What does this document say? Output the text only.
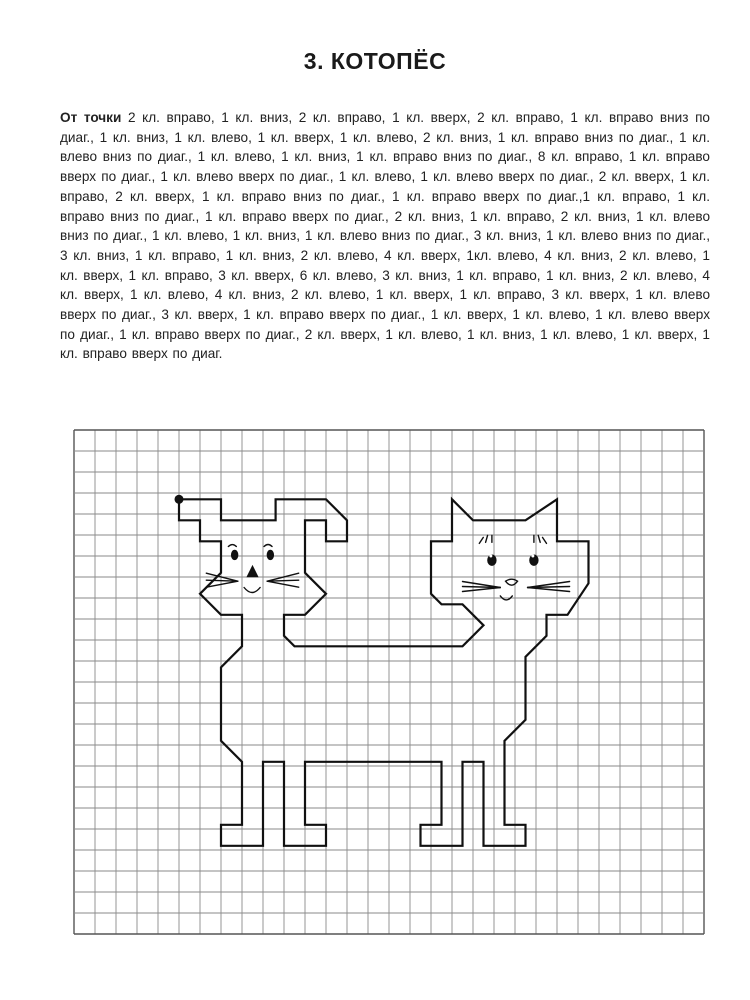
3. КОТОПЁС
От точки 2 кл. вправо, 1 кл. вниз, 2 кл. вправо, 1 кл. вверх, 2 кл. вправо, 1 кл. вправо вниз по диаг., 1 кл. вниз, 1 кл. влево, 1 кл. вверх, 1 кл. влево, 2 кл. вниз, 1 кл. вправо вниз по диаг., 1 кл. влево вниз по диаг., 1 кл. влево, 1 кл. вниз, 1 кл. вправо вниз по диаг., 8 кл. вправо, 1 кл. вправо вверх по диаг., 1 кл. влево вверх по диаг., 1 кл. влево, 1 кл. влево вверх по диаг., 2 кл. вверх, 1 кл. вправо, 2 кл. вверх, 1 кл. вправо вниз по диаг., 1 кл. вправо вверх по диаг.,1 кл. вправо, 1 кл. вправо вниз по диаг., 1 кл. вправо вверх по диаг., 2 кл. вниз, 1 кл. вправо, 2 кл. вниз, 1 кл. влево вниз по диаг., 1 кл. влево, 1 кл. вниз, 1 кл. влево вниз по диаг., 3 кл. вниз, 1 кл. влево вниз по диаг., 3 кл. вниз, 1 кл. вправо, 1 кл. вниз, 2 кл. влево, 4 кл. вверх, 1кл. влево, 4 кл. вниз, 2 кл. влево, 1 кл. вверх, 1 кл. вправо, 3 кл. вверх, 6 кл. влево, 3 кл. вниз, 1 кл. вправо, 1 кл. вниз, 2 кл. влево, 4 кл. вверх, 1 кл. влево, 4 кл. вниз, 2 кл. влево, 1 кл. вверх, 1 кл. вправо, 3 кл. вверх, 1 кл. влево вверх по диаг., 3 кл. вверх, 1 кл. вправо вверх по диаг., 1 кл. вверх, 1 кл. влево, 1 кл. влево вверх по диаг., 1 кл. вправо вверх по диаг., 2 кл. вверх, 1 кл. влево, 1 кл. вниз, 1 кл. влево, 1 кл. вверх, 1 кл. вправо вверх по диаг.
